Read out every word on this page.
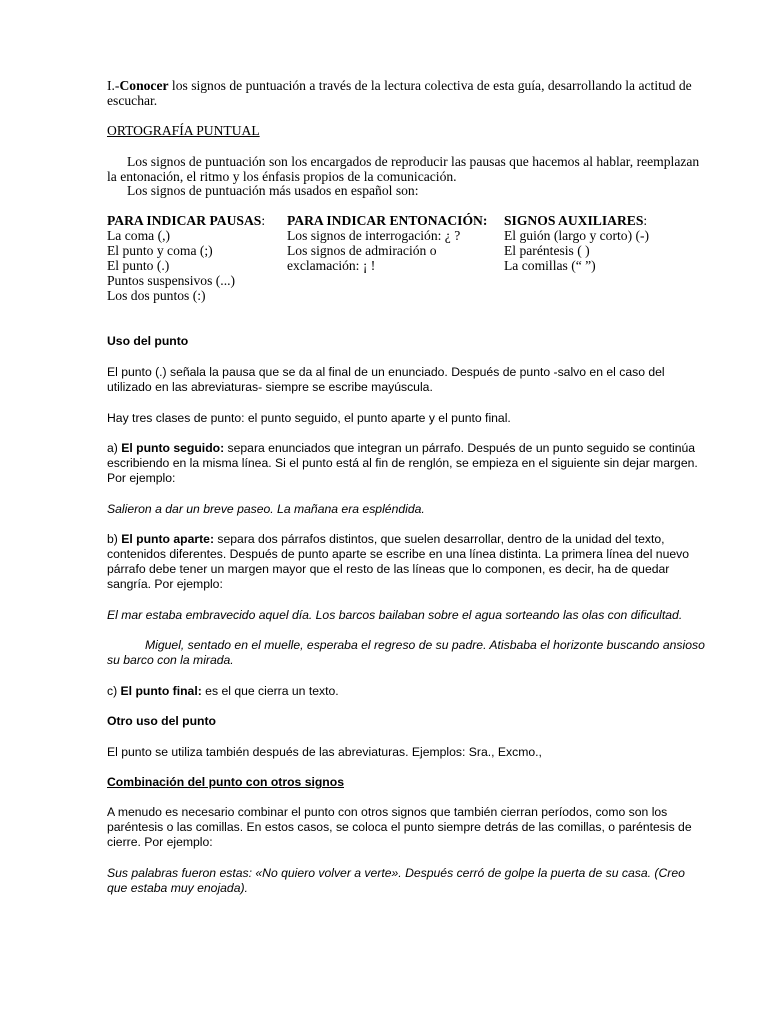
I.-Conocer los signos de puntuación a través de la lectura colectiva de esta guía, desarrollando la actitud de escuchar.

ORTOGRAFÍA PUNTUAL

Los signos de puntuación son los encargados de reproducir las pausas que hacemos al hablar, reemplazan la entonación, el ritmo y los énfasis propios de la comunicación.

Los signos de puntuación más usados en español son:

PARA INDICAR PAUSAS:
La coma (,)
El punto y coma (;)
El punto (.)
Puntos suspensivos (...)
Los dos puntos (:)
PARA INDICAR ENTONACIÓN:
Los signos de interrogación: ¿ ?
Los signos de admiración o
exclamación: ¡ !
SIGNOS AUXILIARES:
El guión (largo y corto) (-)
El paréntesis ( )
La comillas (“ ”)

Uso del punto

El punto (.) señala la pausa que se da al final de un enunciado. Después de punto -salvo en el caso del utilizado en las abreviaturas- siempre se escribe mayúscula.

Hay tres clases de punto: el punto seguido, el punto aparte y el punto final.

a) El punto seguido: separa enunciados que integran un párrafo. Después de un punto seguido se continúa escribiendo en la misma línea. Si el punto está al fin de renglón, se empieza en el siguiente sin dejar margen. Por ejemplo:

Salieron a dar un breve paseo. La mañana era espléndida.

b) El punto aparte: separa dos párrafos distintos, que suelen desarrollar, dentro de la unidad del texto, contenidos diferentes. Después de punto aparte se escribe en una línea distinta. La primera línea del nuevo párrafo debe tener un margen mayor que el resto de las líneas que lo componen, es decir, ha de quedar sangría. Por ejemplo:

El mar estaba embravecido aquel día. Los barcos bailaban sobre el agua sorteando las olas con dificultad.

Miguel, sentado en el muelle, esperaba el regreso de su padre. Atisbaba el horizonte buscando ansioso su barco con la mirada.

c) El punto final: es el que cierra un texto.

Otro uso del punto

El punto se utiliza también después de las abreviaturas. Ejemplos: Sra., Excmo.,

Combinación del punto con otros signos

A menudo es necesario combinar el punto con otros signos que también cierran períodos, como son los paréntesis o las comillas. En estos casos, se coloca el punto siempre detrás de las comillas, o paréntesis de cierre. Por ejemplo:

Sus palabras fueron estas: «No quiero volver a verte». Después cerró de golpe la puerta de su casa. (Creo que estaba muy enojada).
